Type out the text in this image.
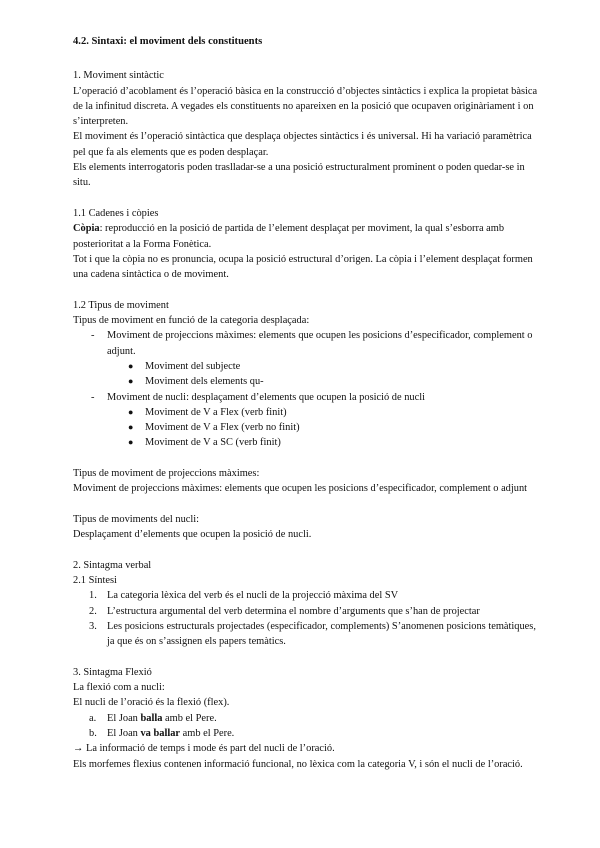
4.2. Sintaxi: el moviment dels constituents

1. Moviment sintàctic

L’operació d’acoblament és l’operació bàsica en la construcció d’objectes sintàctics i explica la propietat bàsica de la infinitud discreta. A vegades els constituents no apareixen en la posició que ocupaven originàriament i on s’interpreten.

El moviment és l’operació sintàctica que desplaça objectes sintàctics i és universal. Hi ha variació paramètrica pel que fa als elements que es poden desplaçar.

Els elements interrogatoris poden traslladar-se a una posició estructuralment prominent o poden quedar-se in situ.

1.1 Cadenes i còpies

Còpia: reproducció en la posició de partida de l’element desplaçat per moviment, la qual s’esborra amb posterioritat a la Forma Fonètica.

Tot i que la còpia no es pronuncia, ocupa la posició estructural d’origen. La còpia i l’element desplaçat formen una cadena sintàctica o de moviment.

1.2 Tipus de moviment

Tipus de moviment en funció de la categoria desplaçada:

- Moviment de projeccions màximes: elements que ocupen les posicions d’especificador, complement o adjunt.
● Moviment del subjecte
● Moviment dels elements qu-
- Moviment de nucli: desplaçament d’elements que ocupen la posició de nucli
● Moviment de V a Flex (verb finit)
● Moviment de V a Flex (verb no finit)
● Moviment de V a SC (verb finit)

Tipus de moviment de projeccions màximes:

Moviment de projeccions màximes: elements que ocupen les posicions d’especificador, complement o adjunt

Tipus de moviments del nucli:

Desplaçament d’elements que ocupen la posició de nucli.

2. Sintagma verbal

2.1 Síntesi

1. La categoria lèxica del verb és el nucli de la projecció màxima del SV
2. L’estructura argumental del verb determina el nombre d’arguments que s’han de projectar
3. Les posicions estructurals projectades (especificador, complements) S’anomenen posicions temàtiques, ja que és on s’assignen els papers temàtics.

3. Sintagma Flexió

La flexió com a nucli:

El nucli de l’oració és la flexió (flex).

a. El Joan balla amb el Pere.
b. El Joan va ballar amb el Pere.

→ La informació de temps i mode és part del nucli de l’oració.

Els morfemes flexius contenen informació funcional, no lèxica com la categoria V, i són el nucli de l’oració.
